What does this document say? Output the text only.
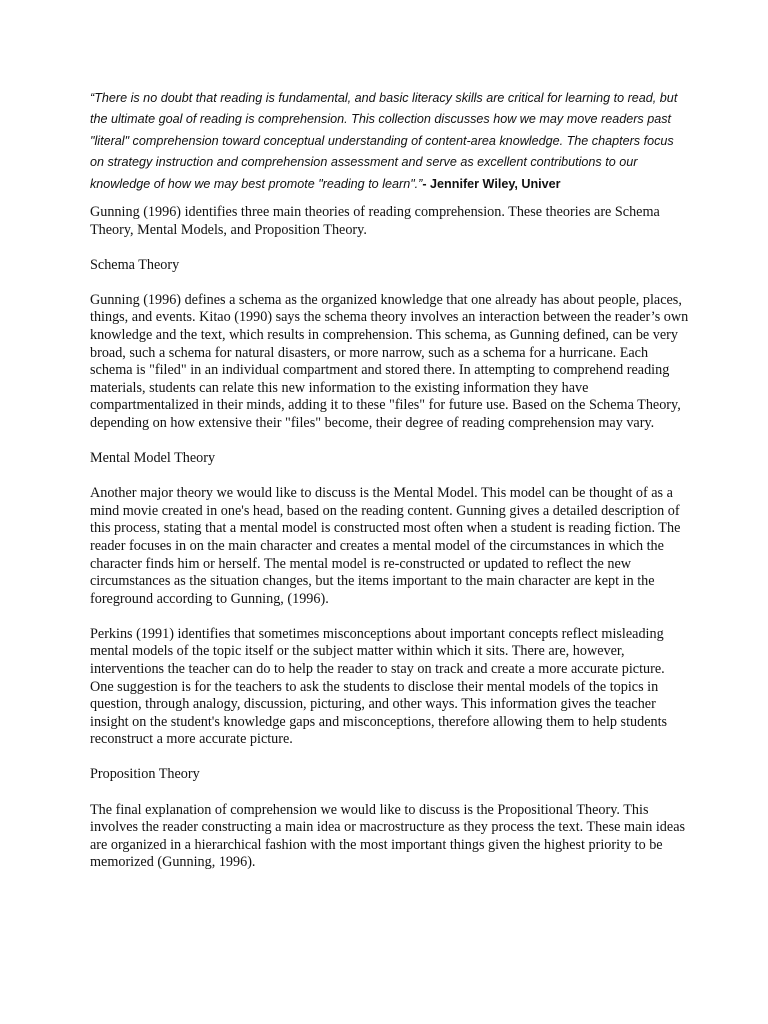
“There is no doubt that reading is fundamental, and basic literacy skills are critical for learning to read, but the ultimate goal of reading is comprehension. This collection discusses how we may move readers past "literal" comprehension toward conceptual understanding of content-area knowledge. The chapters focus on strategy instruction and comprehension assessment and serve as excellent contributions to our knowledge of how we may best promote "reading to learn".”- Jennifer Wiley, Univer

Gunning (1996) identifies three main theories of reading comprehension. These theories are Schema Theory, Mental Models, and Proposition Theory.

Schema Theory

Gunning (1996) defines a schema as the organized knowledge that one already has about people, places, things, and events. Kitao (1990) says the schema theory involves an interaction between the reader’s own knowledge and the text, which results in comprehension. This schema, as Gunning defined, can be very broad, such a schema for natural disasters, or more narrow, such as a schema for a hurricane. Each schema is "filed" in an individual compartment and stored there. In attempting to comprehend reading materials, students can relate this new information to the existing information they have compartmentalized in their minds, adding it to these "files" for future use. Based on the Schema Theory, depending on how extensive their "files" become, their degree of reading comprehension may vary.

Mental Model Theory

Another major theory we would like to discuss is the Mental Model. This model can be thought of as a mind movie created in one's head, based on the reading content. Gunning gives a detailed description of this process, stating that a mental model is constructed most often when a student is reading fiction. The reader focuses in on the main character and creates a mental model of the circumstances in which the character finds him or herself. The mental model is re-constructed or updated to reflect the new circumstances as the situation changes, but the items important to the main character are kept in the foreground according to Gunning, (1996).

Perkins (1991) identifies that sometimes misconceptions about important concepts reflect misleading mental models of the topic itself or the subject matter within which it sits. There are, however, interventions the teacher can do to help the reader to stay on track and create a more accurate picture. One suggestion is for the teachers to ask the students to disclose their mental models of the topics in question, through analogy, discussion, picturing, and other ways. This information gives the teacher insight on the student's knowledge gaps and misconceptions, therefore allowing them to help students reconstruct a more accurate picture.

Proposition Theory

The final explanation of comprehension we would like to discuss is the Propositional Theory. This involves the reader constructing a main idea or macrostructure as they process the text. These main ideas are organized in a hierarchical fashion with the most important things given the highest priority to be memorized (Gunning, 1996).
